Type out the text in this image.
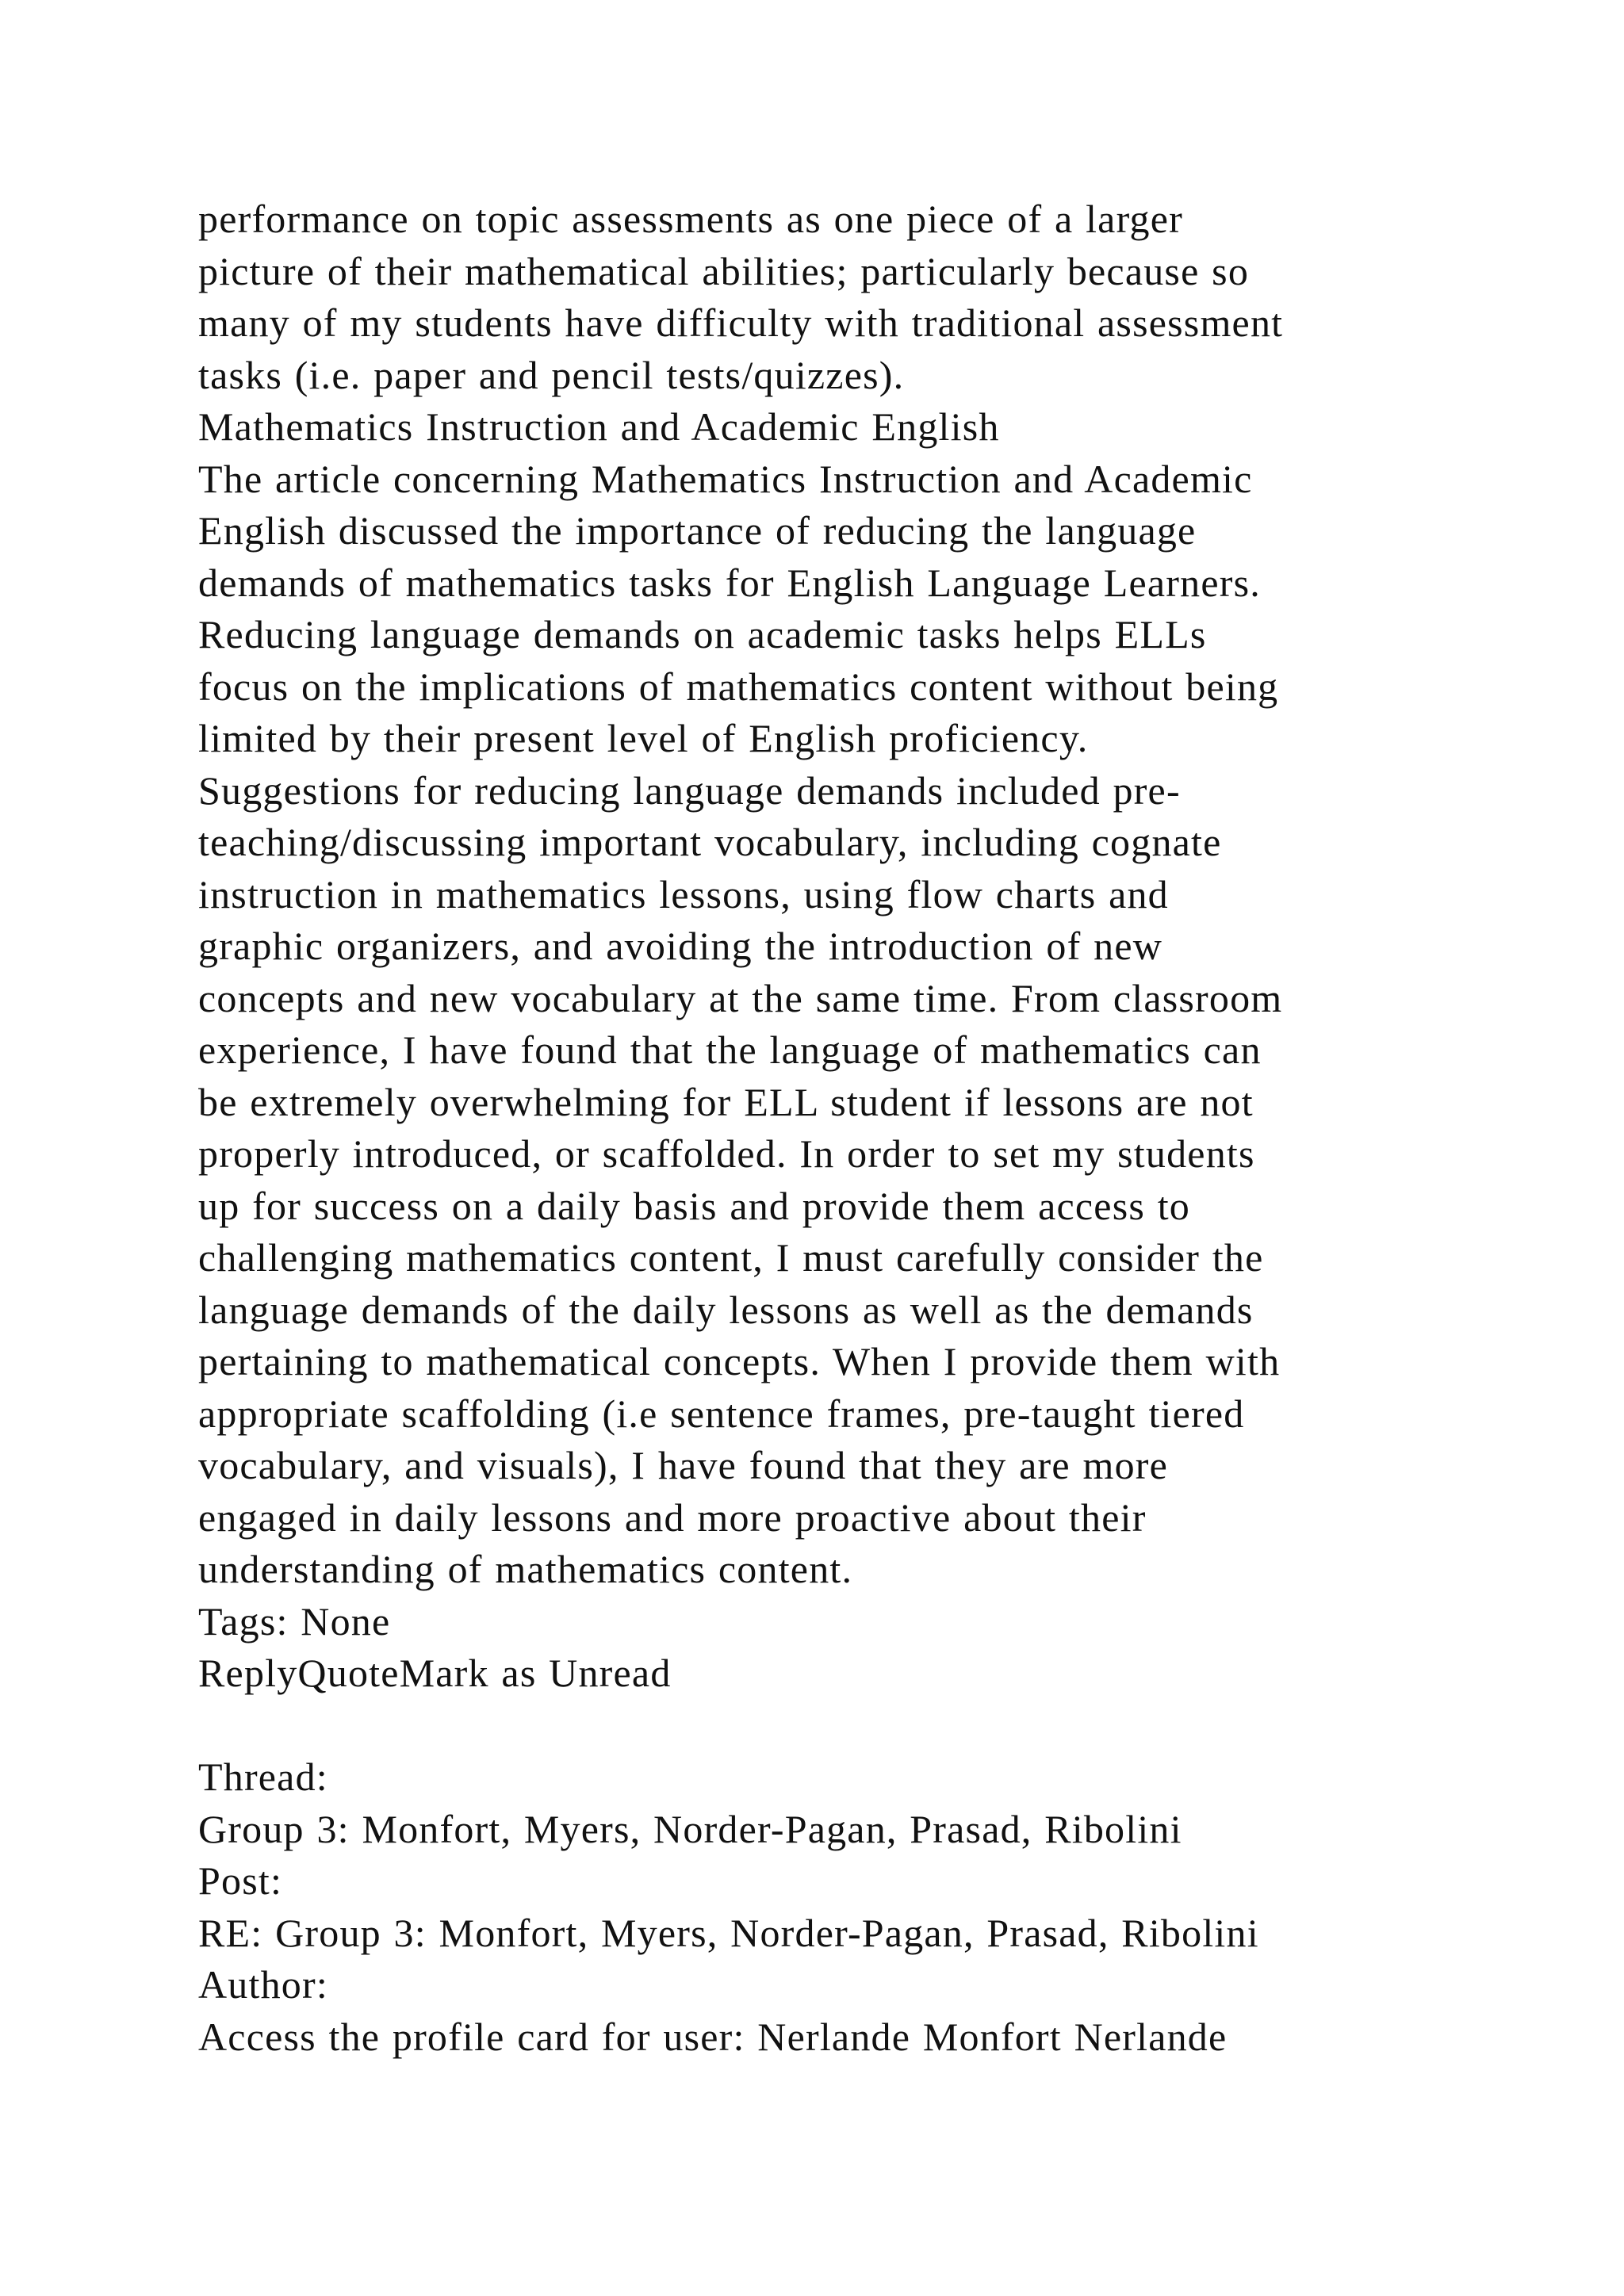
performance on topic assessments as one piece of a larger
picture of their mathematical abilities; particularly because so
many of my students have difficulty with traditional assessment
tasks (i.e. paper and pencil tests/quizzes).
Mathematics Instruction and Academic English
The article concerning Mathematics Instruction and Academic
English discussed the importance of reducing the language
demands of mathematics tasks for English Language Learners.
Reducing language demands on academic tasks helps ELLs
focus on the implications of mathematics content without being
limited by their present level of English proficiency.
Suggestions for reducing language demands included pre-
teaching/discussing important vocabulary, including cognate
instruction in mathematics lessons, using flow charts and
graphic organizers, and avoiding the introduction of new
concepts and new vocabulary at the same time. From classroom
experience, I have found that the language of mathematics can
be extremely overwhelming for ELL student if lessons are not
properly introduced, or scaffolded. In order to set my students
up for success on a daily basis and provide them access to
challenging mathematics content, I must carefully consider the
language demands of the daily lessons as well as the demands
pertaining to mathematical concepts. When I provide them with
appropriate scaffolding (i.e sentence frames, pre-taught tiered
vocabulary, and visuals), I have found that they are more
engaged in daily lessons and more proactive about their
understanding of mathematics content.
Tags: None
ReplyQuoteMark as Unread
Thread:
Group 3: Monfort, Myers, Norder-Pagan, Prasad, Ribolini
Post:
RE: Group 3: Monfort, Myers, Norder-Pagan, Prasad, Ribolini
Author:
Access the profile card for user: Nerlande Monfort Nerlande
